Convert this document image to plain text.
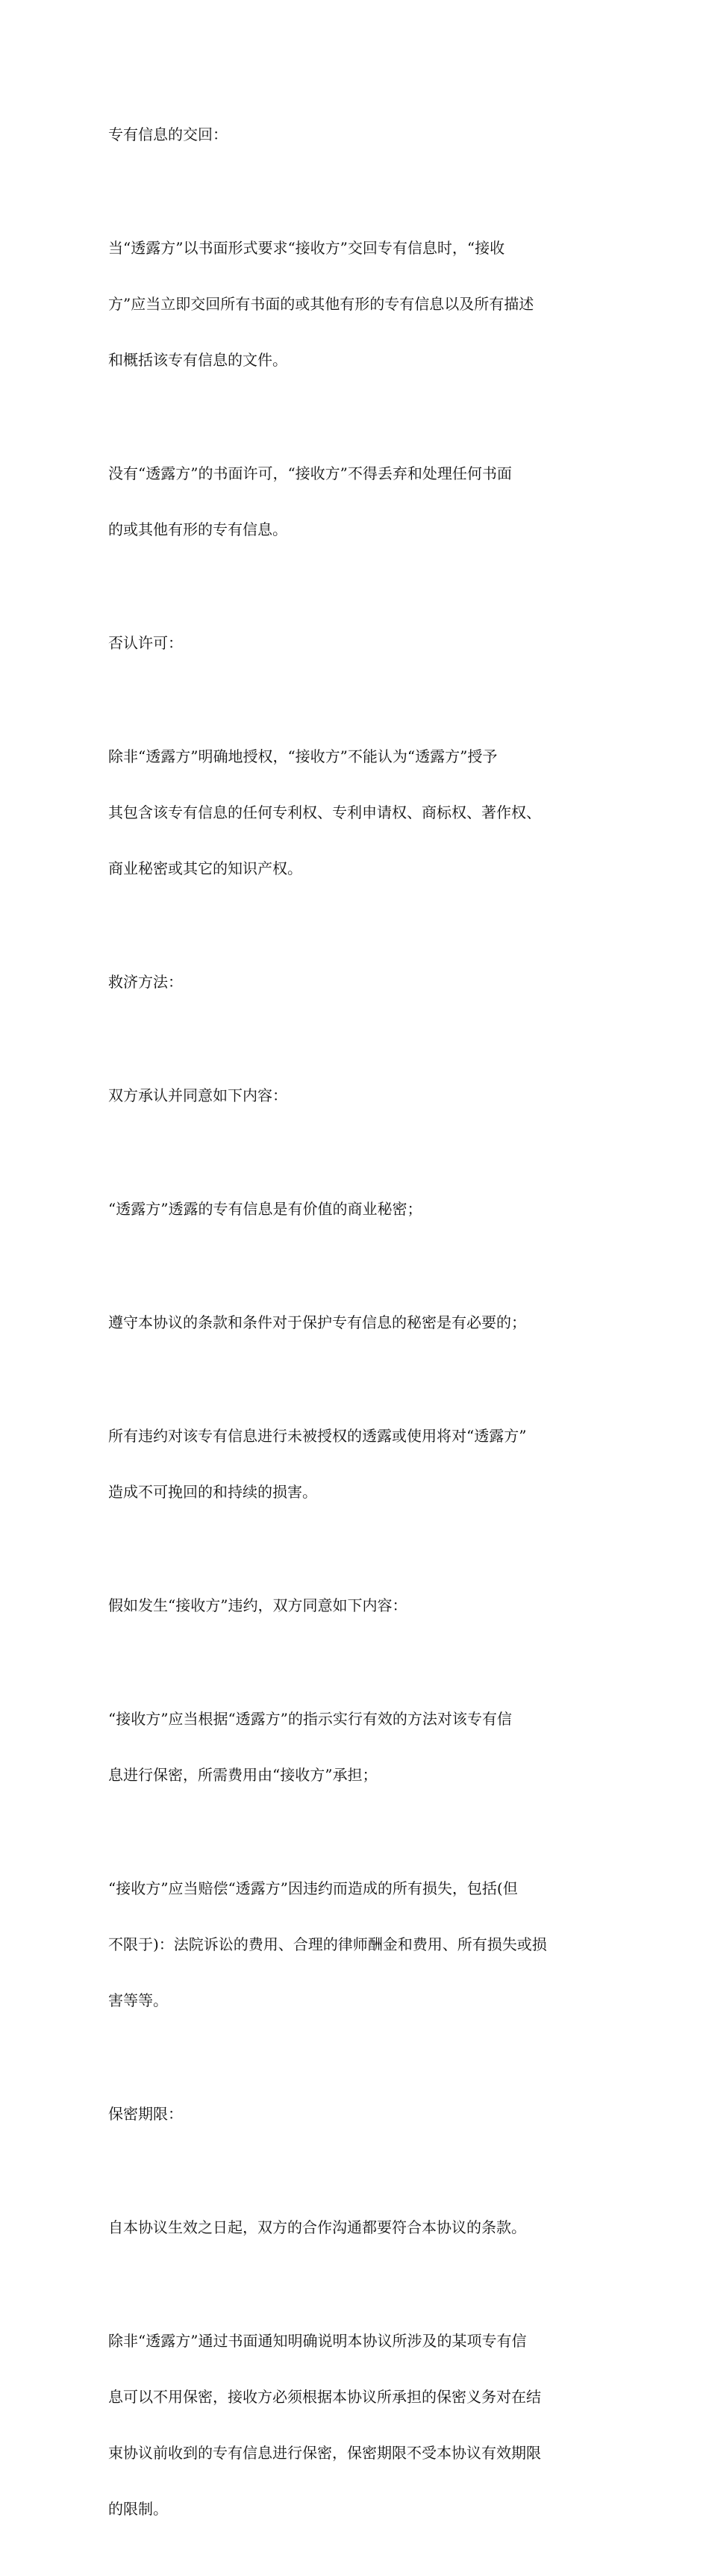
专有信息的交回：

当“透露方”以书面形式要求“接收方”交回专有信息时，“接收

方”应当立即交回所有书面的或其他有形的专有信息以及所有描述

和概括该专有信息的文件。

没有“透露方”的书面许可，“接收方”不得丢弃和处理任何书面

的或其他有形的专有信息。

否认许可：

除非“透露方”明确地授权，“接收方”不能认为“透露方”授予

其包含该专有信息的任何专利权、专利申请权、商标权、著作权、

商业秘密或其它的知识产权。

救济方法：

双方承认并同意如下内容：

“透露方”透露的专有信息是有价值的商业秘密；

遵守本协议的条款和条件对于保护专有信息的秘密是有必要的；

所有违约对该专有信息进行未被授权的透露或使用将对“透露方”

造成不可挽回的和持续的损害。

假如发生“接收方”违约，双方同意如下内容：

“接收方”应当根据“透露方”的指示实行有效的方法对该专有信

息进行保密，所需费用由“接收方”承担；

“接收方”应当赔偿“透露方”因违约而造成的所有损失，包括(但

不限于)：法院诉讼的费用、合理的律师酬金和费用、所有损失或损

害等等。

保密期限：

自本协议生效之日起，双方的合作沟通都要符合本协议的条款。

除非“透露方”通过书面通知明确说明本协议所涉及的某项专有信

息可以不用保密，接收方必须根据本协议所承担的保密义务对在结

束协议前收到的专有信息进行保密，保密期限不受本协议有效期限

的限制。
